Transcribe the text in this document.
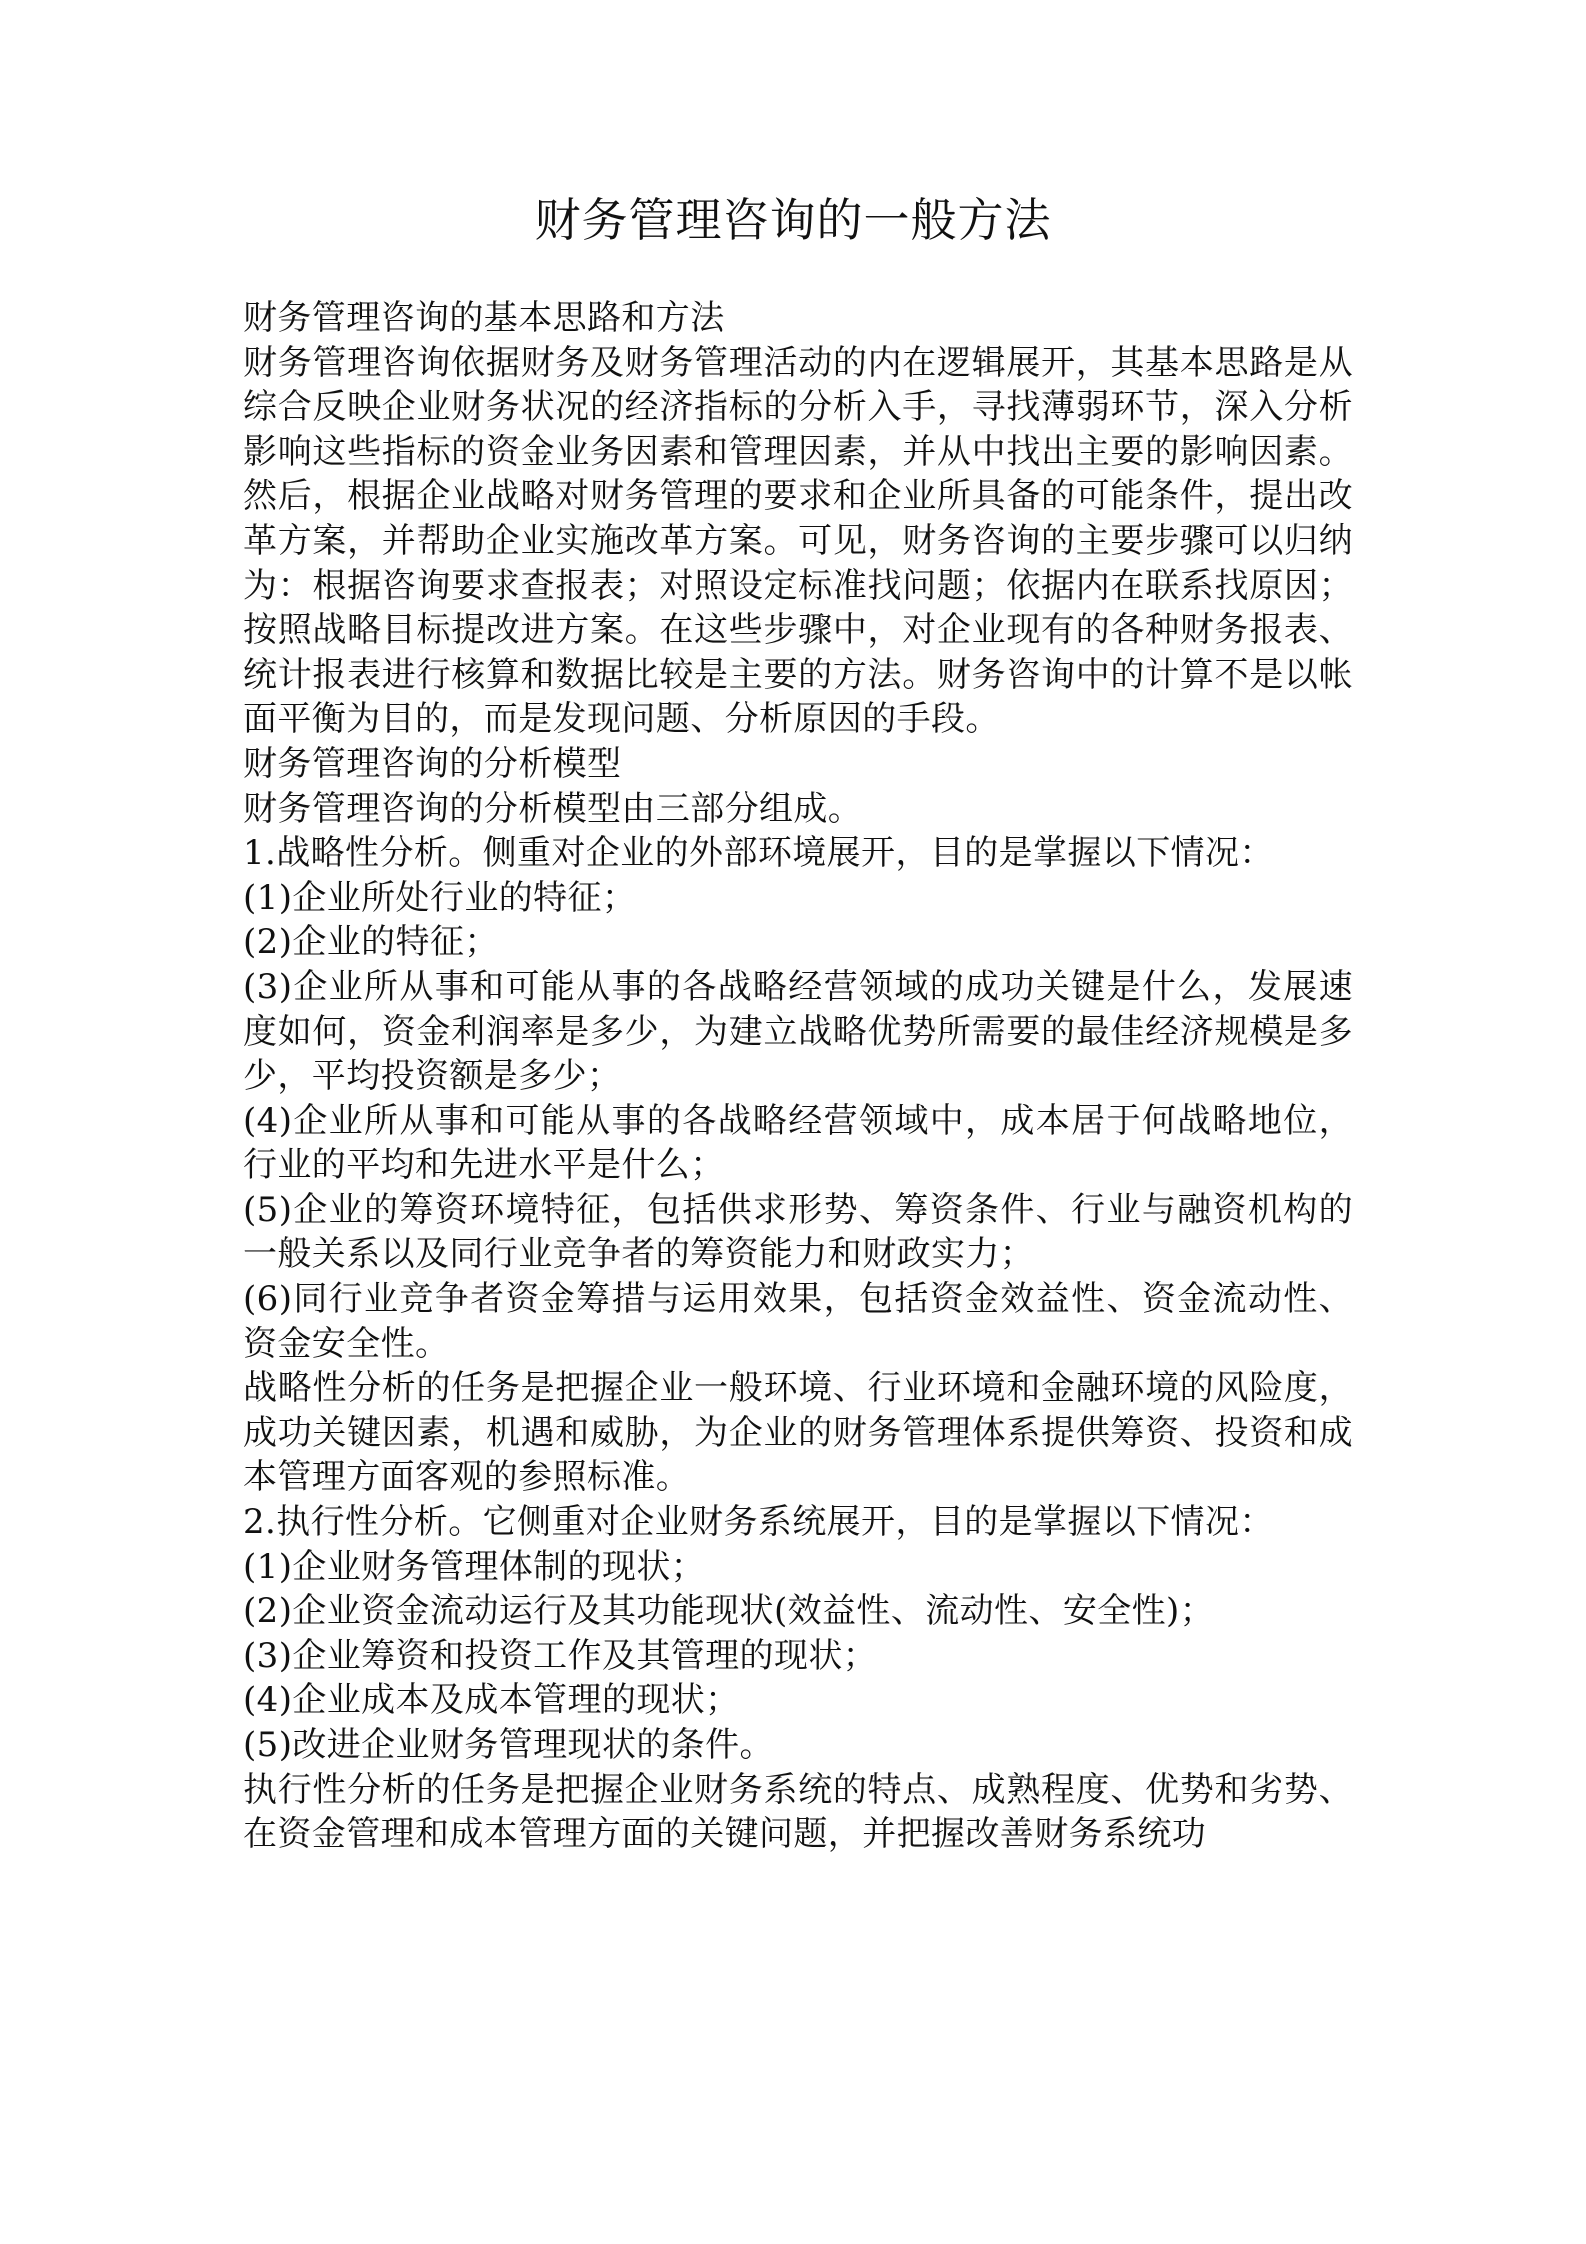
财务管理咨询的一般方法

财务管理咨询的基本思路和方法

财务管理咨询依据财务及财务管理活动的内在逻辑展开，其基本思路是从综合反映企业财务状况的经济指标的分析入手，寻找薄弱环节，深入分析影响这些指标的资金业务因素和管理因素，并从中找出主要的影响因素。然后，根据企业战略对财务管理的要求和企业所具备的可能条件，提出改革方案，并帮助企业实施改革方案。可见，财务咨询的主要步骤可以归纳为：根据咨询要求查报表；对照设定标准找问题；依据内在联系找原因；按照战略目标提改进方案。在这些步骤中，对企业现有的各种财务报表、统计报表进行核算和数据比较是主要的方法。财务咨询中的计算不是以帐面平衡为目的，而是发现问题、分析原因的手段。

财务管理咨询的分析模型

财务管理咨询的分析模型由三部分组成。

1.战略性分析。侧重对企业的外部环境展开，目的是掌握以下情况：

(1)企业所处行业的特征；

(2)企业的特征；

(3)企业所从事和可能从事的各战略经营领域的成功关键是什么，发展速度如何，资金利润率是多少，为建立战略优势所需要的最佳经济规模是多少，平均投资额是多少；

(4)企业所从事和可能从事的各战略经营领域中，成本居于何战略地位，行业的平均和先进水平是什么；

(5)企业的筹资环境特征，包括供求形势、筹资条件、行业与融资机构的一般关系以及同行业竞争者的筹资能力和财政实力；

(6)同行业竞争者资金筹措与运用效果，包括资金效益性、资金流动性、资金安全性。

战略性分析的任务是把握企业一般环境、行业环境和金融环境的风险度，成功关键因素，机遇和威胁，为企业的财务管理体系提供筹资、投资和成本管理方面客观的参照标准。

2.执行性分析。它侧重对企业财务系统展开，目的是掌握以下情况：

(1)企业财务管理体制的现状；

(2)企业资金流动运行及其功能现状(效益性、流动性、安全性)；

(3)企业筹资和投资工作及其管理的现状；

(4)企业成本及成本管理的现状；

(5)改进企业财务管理现状的条件。

执行性分析的任务是把握企业财务系统的特点、成熟程度、优势和劣势、在资金管理和成本管理方面的关键问题，并把握改善财务系统功
